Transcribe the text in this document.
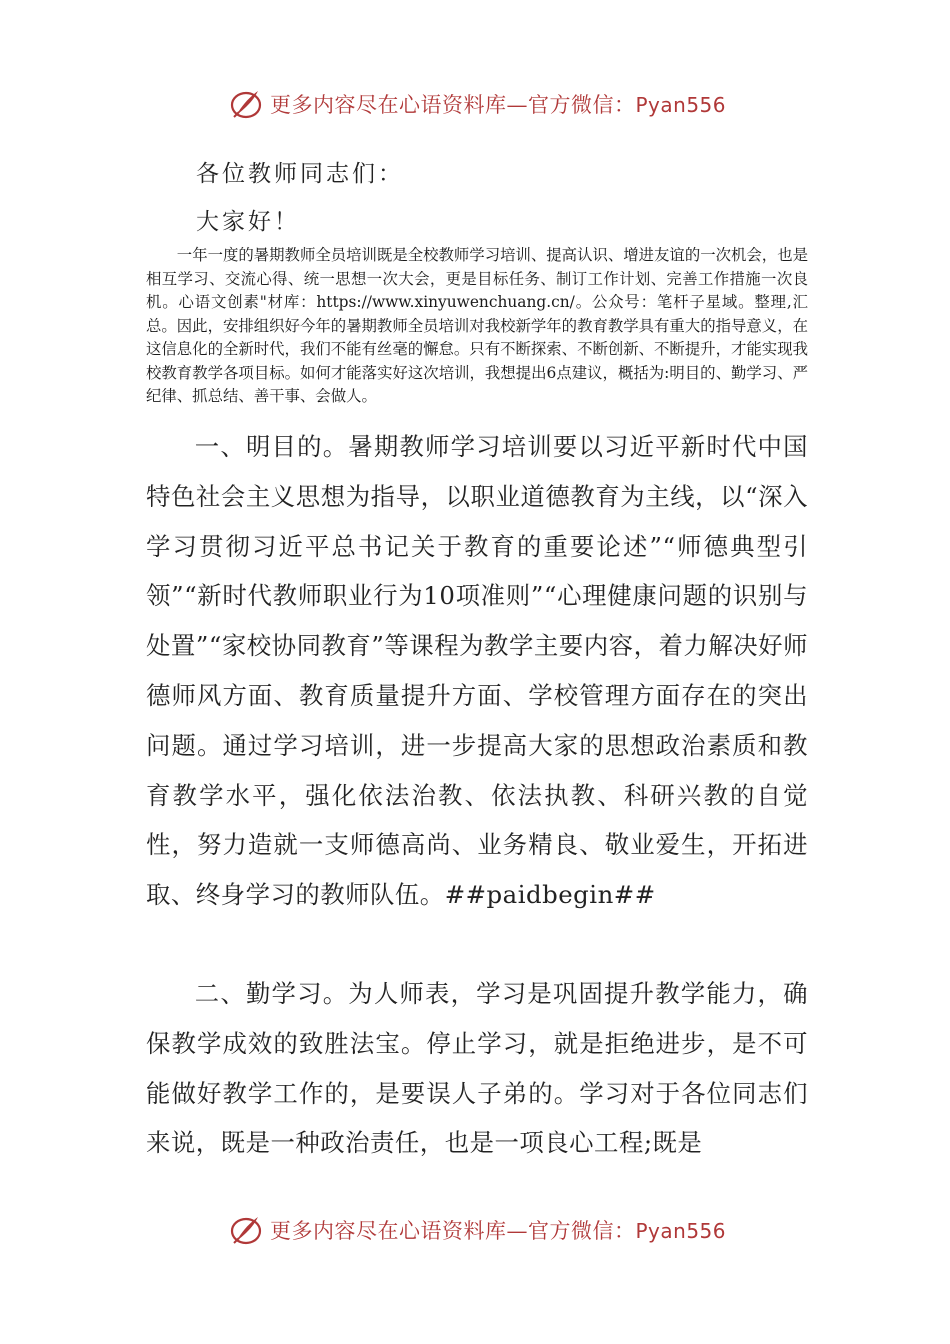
更多内容尽在心语资料库—官方微信：Pyan556
各位教师同志们：
大家好！

一年一度的暑期教师全员培训既是全校教师学习培训、提高认识、增进友谊的一次机会，也是相互学习、交流心得、统一思想一次大会，更是目标任务、制订工作计划、完善工作措施一次良机。心语文创素"材库：https://www.xinyuwenchuang.cn/。公众号：笔杆子星域。整理,汇总。因此，安排组织好今年的暑期教师全员培训对我校新学年的教育教学具有重大的指导意义，在这信息化的全新时代，我们不能有丝毫的懈怠。只有不断探索、不断创新、不断提升，才能实现我校教育教学各项目标。如何才能落实好这次培训，我想提出6点建议，概括为:明目的、勤学习、严纪律、抓总结、善干事、会做人。

一、明目的。暑期教师学习培训要以习近平新时代中国特色社会主义思想为指导，以职业道德教育为主线，以“深入学习贯彻习近平总书记关于教育的重要论述”“师德典型引领”“新时代教师职业行为10项准则”“心理健康问题的识别与处置”“家校协同教育”等课程为教学主要内容，着力解决好师德师风方面、教育质量提升方面、学校管理方面存在的突出问题。通过学习培训，进一步提高大家的思想政治素质和教育教学水平，强化依法治教、依法执教、科研兴教的自觉性，努力造就一支师德高尚、业务精良、敬业爱生，开拓进取、终身学习的教师队伍。##paidbegin##

二、勤学习。为人师表，学习是巩固提升教学能力，确保教学成效的致胜法宝。停止学习，就是拒绝进步，是不可能做好教学工作的，是要误人子弟的。学习对于各位同志们来说，既是一种政治责任，也是一项良心工程;既是

更多内容尽在心语资料库—官方微信：Pyan556
